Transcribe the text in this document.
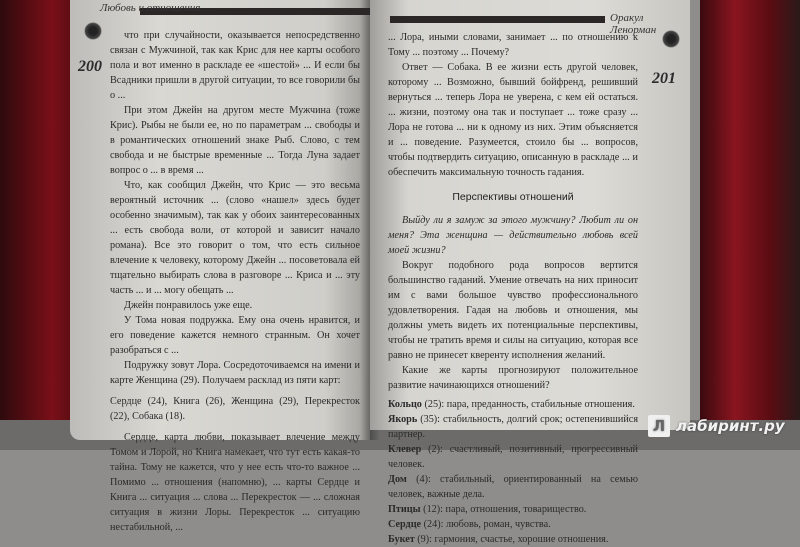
Любовь и отношения
200

что при случайности, оказывается непосредственно связан с Мужчиной, так как Крис для нее карты особого пола и вот именно в раскладе ее «шестой» ... И если бы Всадники пришли в другой ситуации, то все говорили бы о ...

При этом Джейн на другом месте Мужчина (тоже Крис). Рыбы не были ее, но по параметрам ... свободы и в романтических отношений знаке Рыб. Слово, с тем свобода и не быстрые временные ... Тогда Луна задает вопрос о ... в время ...

Что, как сообщил Джейн, что Крис — это весьма вероятный источник ... (слово «нашел» здесь будет особенно значимым), так как у обоих заинтересованных ... есть свобода воли, от которой и зависит начало романа). Все это говорит о том, что есть сильное влечение к человеку, которому Джейн ... посоветовала ей тщательно выбирать слова в разговоре ... Криса и ... эту часть ... и ... могу обещать ...

Джейн понравилось уже еще.

У Тома новая подружка. Ему она очень нравится, и его поведение кажется немного странным. Он хочет разобраться с ...

Подружку зовут Лора. Сосредоточиваемся на имени и карте Женщина (29). Получаем расклад из пяти карт:

Сердце (24), Книга (26), Женщина (29), Перекресток (22), Собака (18).

Сердце, карта любви, показывает влечение между Томом и Лорой, но Книга намекает, что тут есть какая-то тайна. Тому не кажется, что у нее есть что-то важное ... Помимо ... отношения (напомню), ... карты Сердце и Книга ... ситуация ... слова ... Перекресток — ... сложная ситуация в жизни Лоры. Перекресток ... ситуацию нестабильной, ...

Оракул Ленорман
201

... Лора, иными словами, занимает ... по отношению к Тому ... поэтому ... Почему?

Ответ — Собака. В ее жизни есть другой человек, которому ... Возможно, бывший бойфренд, решивший вернуться ... теперь Лора не уверена, с кем ей остаться. ... жизни, поэтому она так и поступает ... тоже сразу ... Лора не готова ... ни к одному из них. Этим объясняется и ... поведение. Разумеется, стоило бы ... вопросов, чтобы подтвердить ситуацию, описанную в раскладе ... и обеспечить максимальную точность гадания.

Перспективы отношений

Выйду ли я замуж за этого мужчину? Любит ли он меня? Эта женщина — действительно любовь всей моей жизни?

Вокруг подобного рода вопросов вертится большинство гаданий. Умение отвечать на них приносит им с вами большое чувство профессионального удовлетворения. Гадая на любовь и отношения, мы должны уметь видеть их потенциальные перспективы, чтобы не тратить время и силы на ситуацию, которая все равно не принесет кверенту исполнения желаний.

Какие же карты прогнозируют положительное развитие начинающихся отношений?

Кольцо (25): пара, преданность, стабильные отношения.

Якорь (35): стабильность, долгий срок; остепенившийся партнер.

Клевер (2): счастливый, позитивный, прогрессивный человек.

Дом (4): стабильный, ориентированный на семью человек, важные дела.

Птицы (12): пара, отношения, товарищество.

Сердце (24): любовь, роман, чувства.

Букет (9): гармония, счастье, хорошие отношения.

Л лабиринт.ру
